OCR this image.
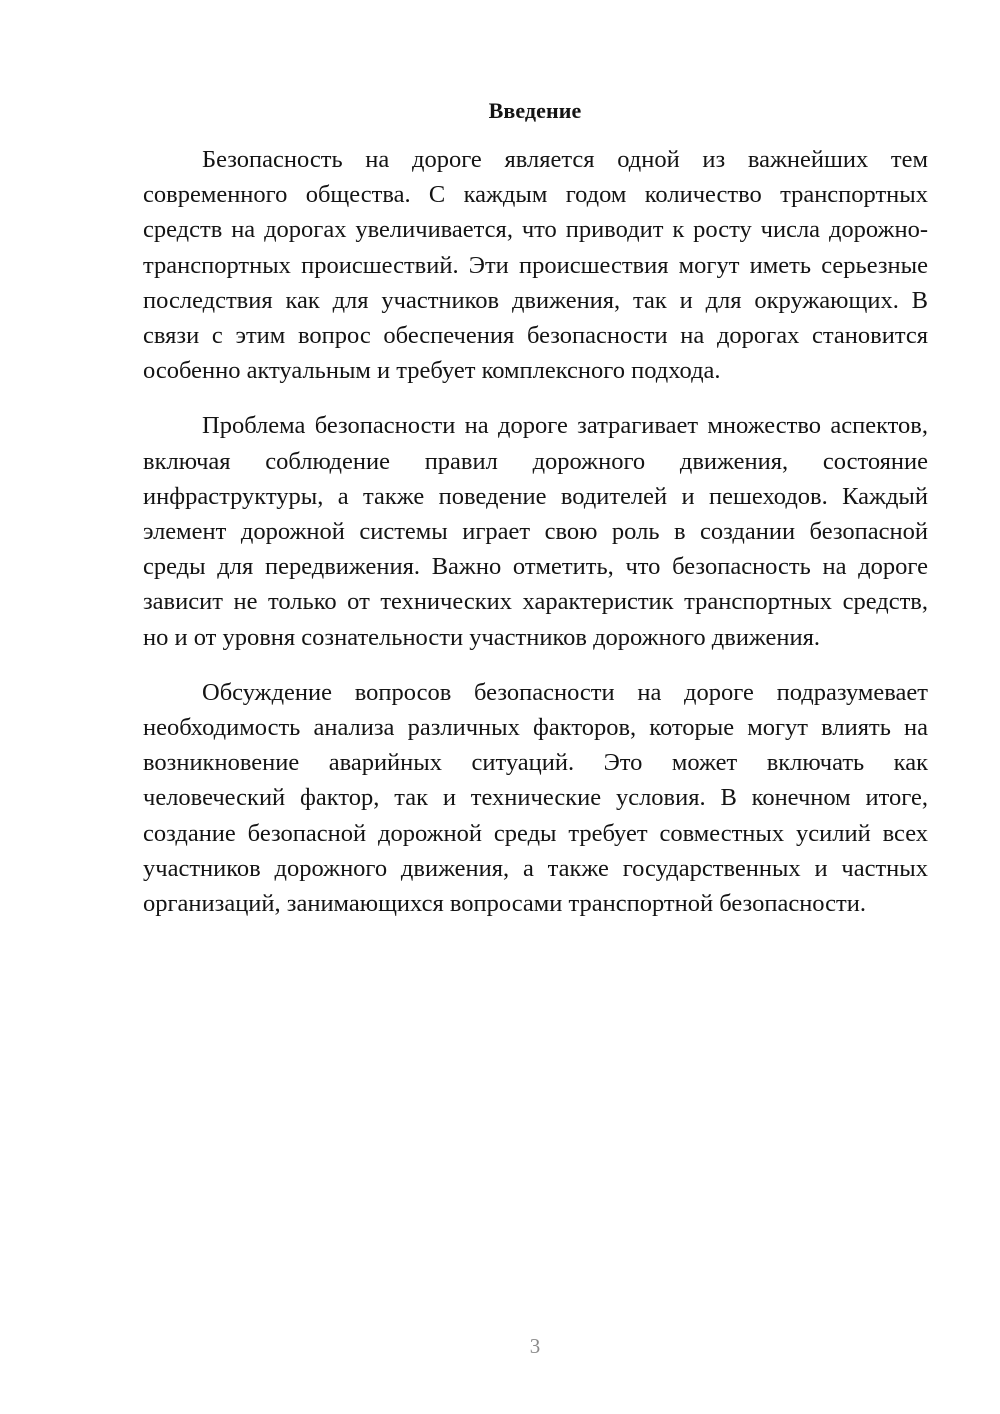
Введение

Безопасность на дороге является одной из важнейших тем современного общества. С каждым годом количество транспортных средств на дорогах увеличивается, что приводит к росту числа дорожно-транспортных происшествий. Эти происшествия могут иметь серьезные последствия как для участников движения, так и для окружающих. В связи с этим вопрос обеспечения безопасности на дорогах становится особенно актуальным и требует комплексного подхода.

Проблема безопасности на дороге затрагивает множество аспектов, включая соблюдение правил дорожного движения, состояние инфраструктуры, а также поведение водителей и пешеходов. Каждый элемент дорожной системы играет свою роль в создании безопасной среды для передвижения. Важно отметить, что безопасность на дороге зависит не только от технических характеристик транспортных средств, но и от уровня сознательности участников дорожного движения.

Обсуждение вопросов безопасности на дороге подразумевает необходимость анализа различных факторов, которые могут влиять на возникновение аварийных ситуаций. Это может включать как человеческий фактор, так и технические условия. В конечном итоге, создание безопасной дорожной среды требует совместных усилий всех участников дорожного движения, а также государственных и частных организаций, занимающихся вопросами транспортной безопасности.

3
